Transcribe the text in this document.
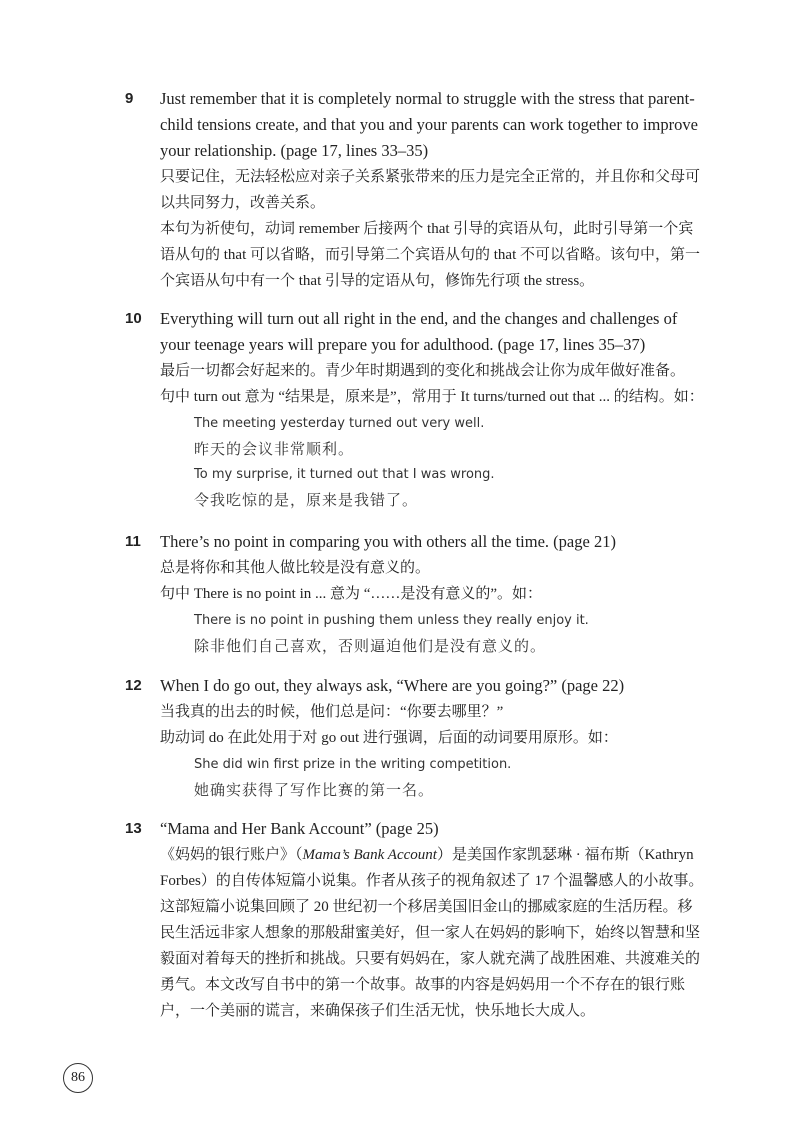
9	Just remember that it is completely normal to struggle with the stress that parent-child tensions create, and that you and your parents can work together to improve your relationship. (page 17, lines 33–35)

只要记住，无法轻松应对亲子关系紧张带来的压力是完全正常的，并且你和父母可以共同努力，改善关系。

本句为祈使句，动词 remember 后接两个 that 引导的宾语从句，此时引导第一个宾语从句的 that 可以省略，而引导第二个宾语从句的 that 不可以省略。该句中，第一个宾语从句中有一个 that 引导的定语从句，修饰先行项 the stress。

10	Everything will turn out all right in the end, and the changes and challenges of your teenage years will prepare you for adulthood. (page 17, lines 35–37)

最后一切都会好起来的。青少年时期遇到的变化和挑战会让你为成年做好准备。

句中 turn out 意为 “结果是，原来是”，常用于 It turns/turned out that ... 的结构。如：

The meeting yesterday turned out very well.

昨天的会议非常顺利。

To my surprise, it turned out that I was wrong.

令我吃惊的是，原来是我错了。

11	There’s no point in comparing you with others all the time. (page 21)

总是将你和其他人做比较是没有意义的。

句中 There is no point in ... 意为 “……是没有意义的”。如：

There is no point in pushing them unless they really enjoy it.

除非他们自己喜欢，否则逼迫他们是没有意义的。

12	When I do go out, they always ask, “Where are you going?” (page 22)

当我真的出去的时候，他们总是问：“你要去哪里？”

助动词 do 在此处用于对 go out 进行强调，后面的动词要用原形。如：

She did win first prize in the writing competition.

她确实获得了写作比赛的第一名。

13	“Mama and Her Bank Account” (page 25)

《妈妈的银行账户》（Mama’s Bank Account）是美国作家凯瑟琳 · 福布斯（Kathryn Forbes）的自传体短篇小说集。作者从孩子的视角叙述了 17 个温馨感人的小故事。这部短篇小说集回顾了 20 世纪初一个移居美国旧金山的挪威家庭的生活历程。移民生活远非家人想象的那般甜蜜美好，但一家人在妈妈的影响下，始终以智慧和坚毅面对着每天的挫折和挑战。只要有妈妈在，家人就充满了战胜困难、共渡难关的勇气。本文改写自书中的第一个故事。故事的内容是妈妈用一个不存在的银行账户，一个美丽的谎言，来确保孩子们生活无忧，快乐地长大成人。

86
